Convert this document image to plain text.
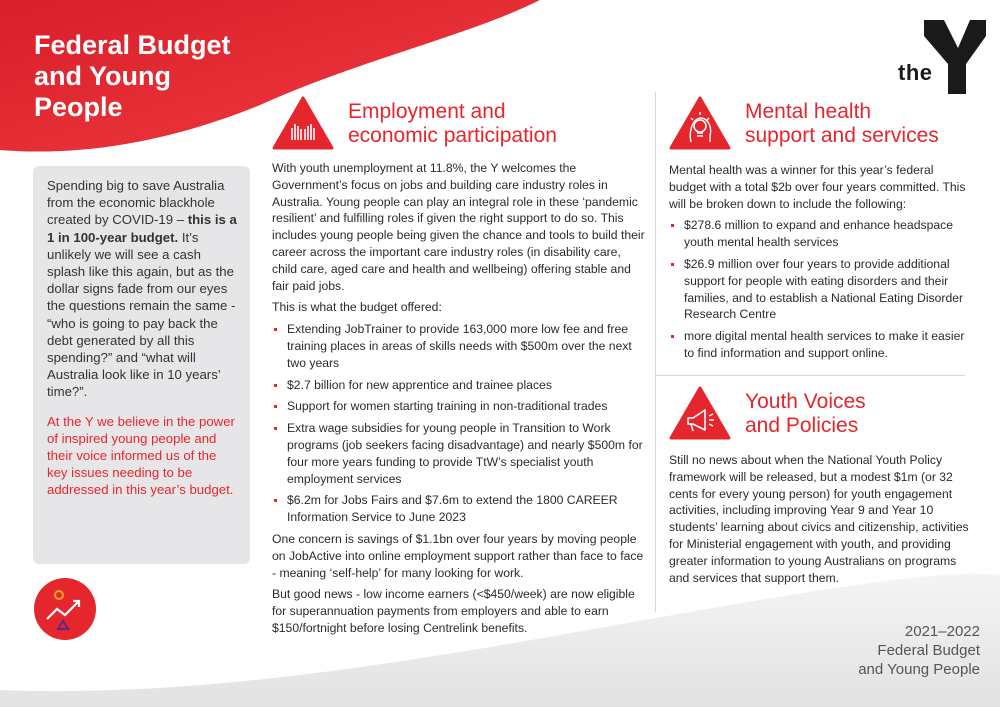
Federal Budget
and Young
People
the

Spending big to save Australia from the economic blackhole created by COVID-19 – this is a 1 in 100-year budget. It’s unlikely we will see a cash splash like this again, but as the dollar signs fade from our eyes the questions remain the same - “who is going to pay back the debt generated by all this spending?” and “what will Australia look like in 10 years’ time?”.

At the Y we believe in the power of inspired young people and their voice informed us of the key issues needing to be addressed in this year’s budget.

Employment and
economic participation

With youth unemployment at 11.8%, the Y welcomes the Government’s focus on jobs and building care industry roles in Australia. Young people can play an integral role in these ‘pandemic resilient’ and fulfilling roles if given the right support to do so. This includes young people being given the chance and tools to build their career across the important care industry roles (in disability care, child care, aged care and health and wellbeing) offering stable and fair paid jobs.

This is what the budget offered:

Extending JobTrainer to provide 163,000 more low fee and free training places in areas of skills needs with $500m over the next two years
$2.7 billion for new apprentice and trainee places
Support for women starting training in non-traditional trades
Extra wage subsidies for young people in Transition to Work programs (job seekers facing disadvantage) and nearly $500m for four more years funding to provide TtW’s specialist youth employment services
$6.2m for Jobs Fairs and $7.6m to extend the 1800 CAREER Information Service to June 2023

One concern is savings of $1.1bn over four years by moving people on JobActive into online employment support rather than face to face - meaning ‘self-help’ for many looking for work.

But good news - low income earners (<$450/week) are now eligible for superannuation payments from employers and able to earn $150/fortnight before losing Centrelink benefits.

Mental health
support and services

Mental health was a winner for this year’s federal budget with a total $2b over four years committed. This will be broken down to include the following:

$278.6 million to expand and enhance headspace youth mental health services
$26.9 million over four years to provide additional support for people with eating disorders and their families, and to establish a National Eating Disorder Research Centre
more digital mental health services to make it easier to find information and support online.
Youth Voices
and Policies

Still no news about when the National Youth Policy framework will be released, but a modest $1m (or 32 cents for every young person) for youth engagement activities, including improving Year 9 and Year 10 students’ learning about civics and citizenship, activities for Ministerial engagement with youth, and providing greater information to young Australians on programs and services that support them.

2021–2022
Federal Budget
and Young People
